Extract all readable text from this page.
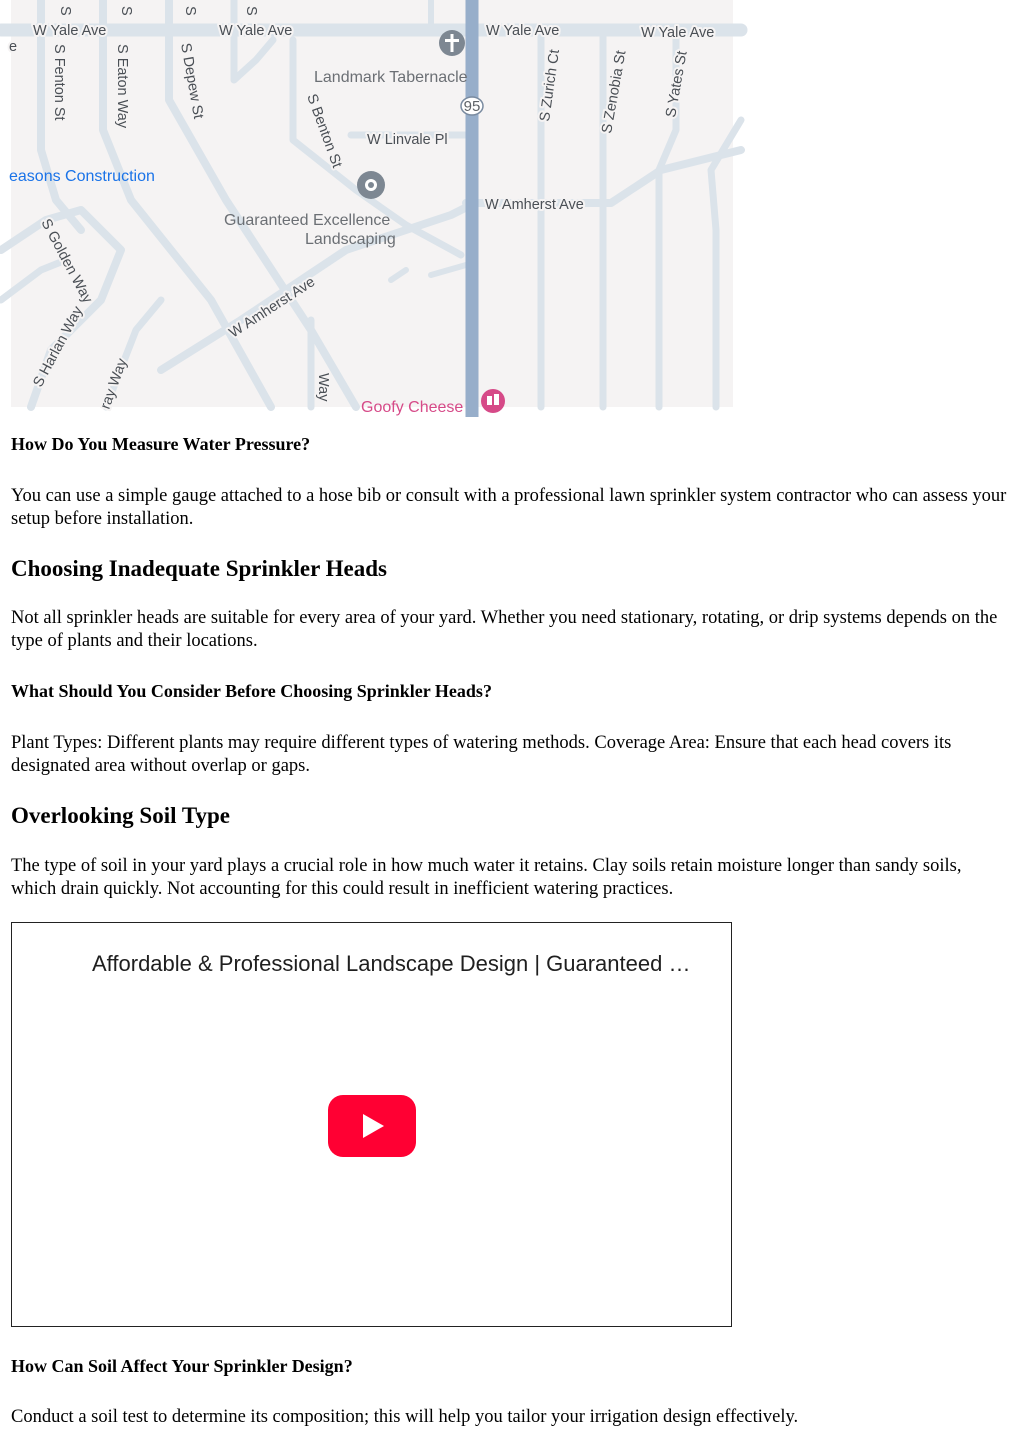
95
W Yale Ave	W Yale Ave	W Yale Ave	W Yale Ave
e S Fenton St	S Eaton Way	S Depew St
S Benton St
S	S	S	S
W Linvale Pl
S Zurich Ct S Zenobia St S Yates St
W Amherst Ave
W Amherst Ave
S Golden Way
S Harlan Way ray Way	Way
Landmark Tabernacle
easons Construction
Guaranteed Excellence
Landscaping
Goofy Cheese
How Do You Measure Water Pressure?

You can use a simple gauge attached to a hose bib or consult with a professional lawn sprinkler system contractor who can assess your setup before installation.

Choosing Inadequate Sprinkler Heads

Not all sprinkler heads are suitable for every area of your yard. Whether you need stationary, rotating, or drip systems depends on the type of plants and their locations.

What Should You Consider Before Choosing Sprinkler Heads?

Plant Types: Different plants may require different types of watering methods. Coverage Area: Ensure that each head covers its designated area without overlap or gaps.

Overlooking Soil Type

The type of soil in your yard plays a crucial role in how much water it retains. Clay soils retain moisture longer than sandy soils, which drain quickly. Not accounting for this could result in inefficient watering practices.

Affordable & Professional Landscape Design | Guaranteed …
How Can Soil Affect Your Sprinkler Design?

Conduct a soil test to determine its composition; this will help you tailor your irrigation design effectively.
